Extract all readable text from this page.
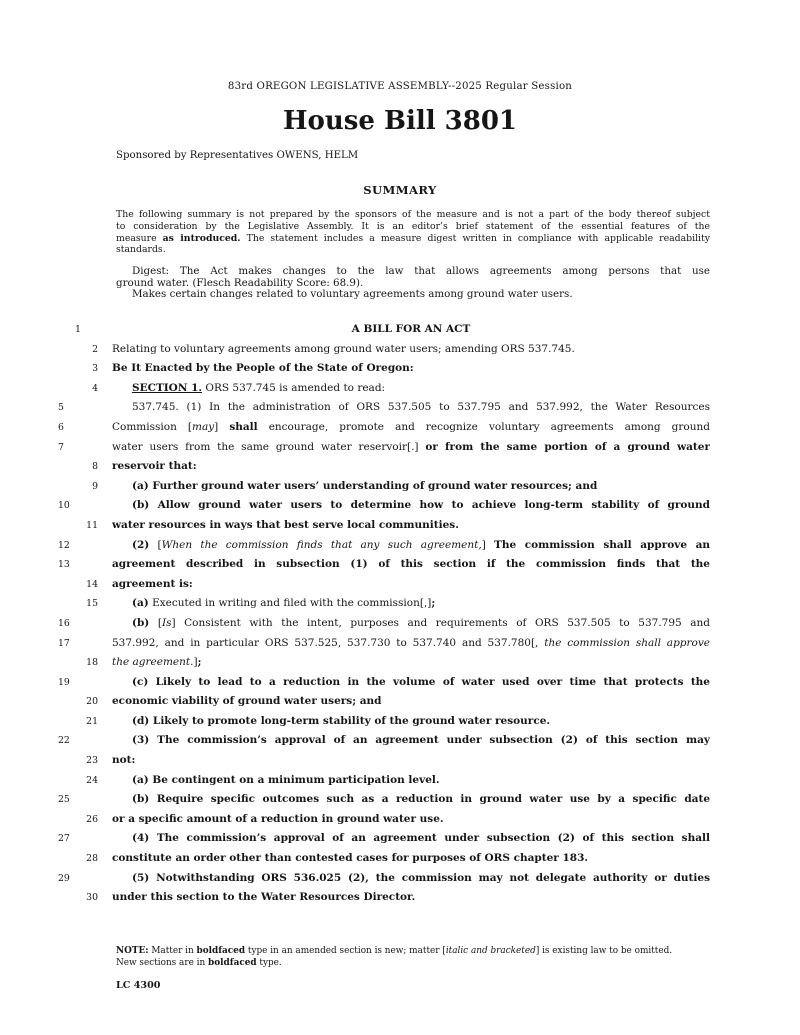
83rd OREGON LEGISLATIVE ASSEMBLY--2025 Regular Session
House Bill 3801
Sponsored by Representatives OWENS, HELM
SUMMARY
The following summary is not prepared by the sponsors of the measure and is not a part of the body thereof subject
to consideration by the Legislative Assembly. It is an editor’s brief statement of the essential features of the
measure as introduced. The statement includes a measure digest written in compliance with applicable readability
standards.
Digest: The Act makes changes to the law that allows agreements among persons that use
ground water. (Flesch Readability Score: 68.9).
Makes certain changes related to voluntary agreements among ground water users.
1	A BILL FOR AN ACT
2 Relating to voluntary agreements among ground water users; amending ORS 537.745.
3 Be It Enacted by the People of the State of Oregon:
4	SECTION 1. ORS 537.745 is amended to read:
5	537.745. (1) In the administration of ORS 537.505 to 537.795 and 537.992, the Water Resources
6	Commission [may] shall encourage, promote and recognize voluntary agreements among ground
7	water users from the same ground water reservoir[.] or from the same portion of a ground water
8 reservoir that:
9	(a) Further ground water users’ understanding of ground water resources; and
10	(b) Allow ground water users to determine how to achieve long-term stability of ground
11 water resources in ways that best serve local communities.
12	(2) [When the commission finds that any such agreement,] The commission shall approve an
13	agreement described in subsection (1) of this section if the commission finds that the
14 agreement is:
15	(a) Executed in writing and filed with the commission[,];
16	(b) [Is] Consistent with the intent, purposes and requirements of ORS 537.505 to 537.795 and
17	537.992, and in particular ORS 537.525, 537.730 to 537.740 and 537.780[, the commission shall approve
18 the agreement.];
19	(c) Likely to lead to a reduction in the volume of water used over time that protects the
20 economic viability of ground water users; and
21	(d) Likely to promote long-term stability of the ground water resource.
22	(3) The commission’s approval of an agreement under subsection (2) of this section may
23 not:
24	(a) Be contingent on a minimum participation level.
25	(b) Require specific outcomes such as a reduction in ground water use by a specific date
26 or a specific amount of a reduction in ground water use.
27	(4) The commission’s approval of an agreement under subsection (2) of this section shall
28 constitute an order other than contested cases for purposes of ORS chapter 183.
29	(5) Notwithstanding ORS 536.025 (2), the commission may not delegate authority or duties
30 under this section to the Water Resources Director.
NOTE: Matter in boldfaced type in an amended section is new; matter [italic and bracketed] is existing law to be omitted.
New sections are in boldfaced type.
LC 4300
